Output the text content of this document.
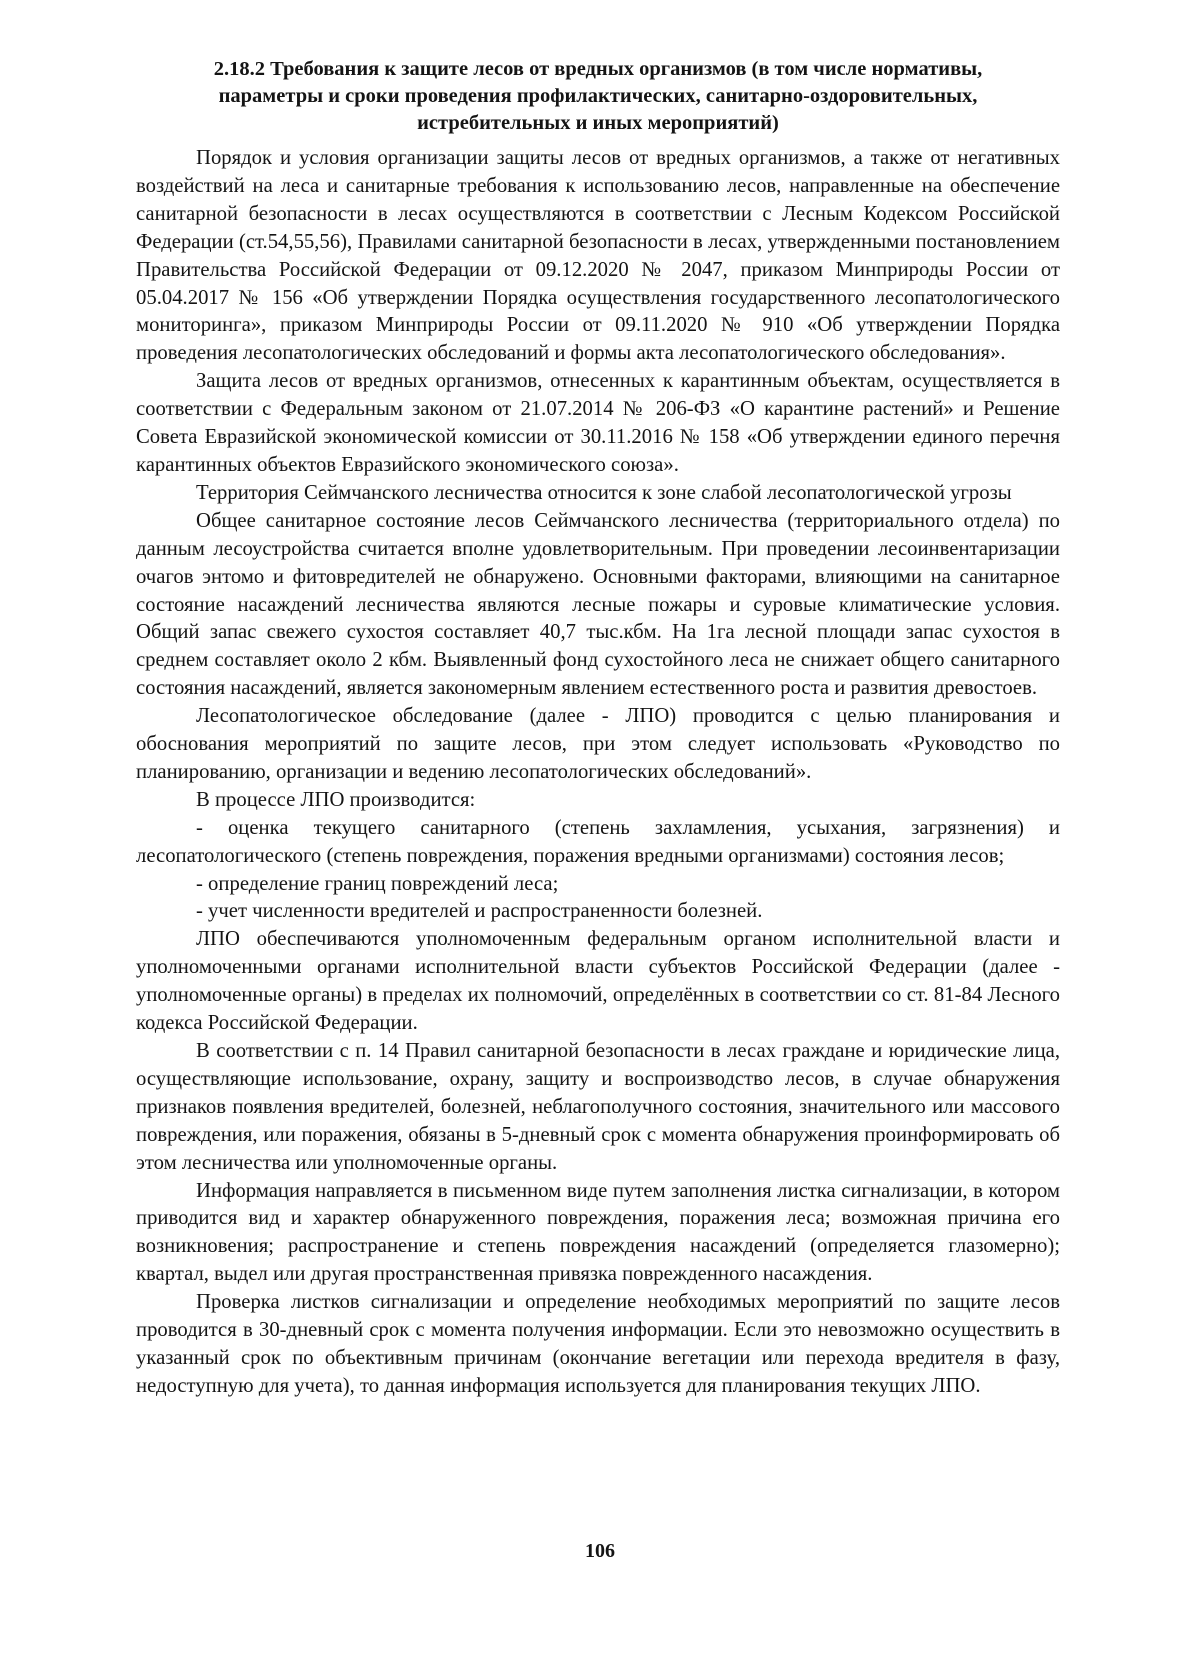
2.18.2 Требования к защите лесов от вредных организмов (в том числе нормативы,
параметры и сроки проведения профилактических, санитарно-оздоровительных,
истребительных и иных мероприятий)

Порядок и условия организации защиты лесов от вредных организмов, а также от негативных воздействий на леса и санитарные требования к использованию лесов, направленные на обеспечение санитарной безопасности в лесах осуществляются в соответствии с Лесным Кодексом Российской Федерации (ст.54,55,56), Правилами санитарной безопасности в лесах, утвержденными постановлением Правительства Российской Федерации от 09.12.2020 № 2047, приказом Минприроды России от 05.04.2017 № 156 «Об утверждении Порядка осуществления государственного лесопатологического мониторинга», приказом Минприроды России от 09.11.2020 № 910 «Об утверждении Порядка проведения лесопатологических обследований и формы акта лесопатологического обследования».

Защита лесов от вредных организмов, отнесенных к карантинным объектам, осуществляется в соответствии с Федеральным законом от 21.07.2014 № 206-ФЗ «О карантине растений» и Решение Совета Евразийской экономической комиссии от 30.11.2016 № 158 «Об утверждении единого перечня карантинных объектов Евразийского экономического союза».

Территория Сеймчанского лесничества относится к зоне слабой лесопатологической угрозы

Общее санитарное состояние лесов Сеймчанского лесничества (территориального отдела) по данным лесоустройства считается вполне удовлетворительным. При проведении лесоинвентаризации очагов энтомо и фитовредителей не обнаружено. Основными факторами, влияющими на санитарное состояние насаждений лесничества являются лесные пожары и суровые климатические условия. Общий запас свежего сухостоя составляет 40,7 тыс.кбм. На 1га лесной площади запас сухостоя в среднем составляет около 2 кбм. Выявленный фонд сухостойного леса не снижает общего санитарного состояния насаждений, является закономерным явлением естественного роста и развития древостоев.

Лесопатологическое обследование (далее - ЛПО) проводится с целью планирования и обоснования мероприятий по защите лесов, при этом следует использовать «Руководство по планированию, организации и ведению лесопатологических обследований».

В процессе ЛПО производится:

- оценка текущего санитарного (степень захламления, усыхания, загрязнения) и лесопатологического (степень повреждения, поражения вредными организмами) состояния лесов;

- определение границ повреждений леса;

- учет численности вредителей и распространенности болезней.

ЛПО обеспечиваются уполномоченным федеральным органом исполнительной власти и уполномоченными органами исполнительной власти субъектов Российской Федерации (далее - уполномоченные органы) в пределах их полномочий, определённых в соответствии со ст. 81-84 Лесного кодекса Российской Федерации.

В соответствии с п. 14 Правил санитарной безопасности в лесах граждане и юридические лица, осуществляющие использование, охрану, защиту и воспроизводство лесов, в случае обнаружения признаков появления вредителей, болезней, неблагополучного состояния, значительного или массового повреждения, или поражения, обязаны в 5-дневный срок с момента обнаружения проинформировать об этом лесничества или уполномоченные органы.

Информация направляется в письменном виде путем заполнения листка сигнализации, в котором приводится вид и характер обнаруженного повреждения, поражения леса; возможная причина его возникновения; распространение и степень повреждения насаждений (определяется глазомерно); квартал, выдел или другая пространственная привязка поврежденного насаждения.

Проверка листков сигнализации и определение необходимых мероприятий по защите лесов проводится в 30-дневный срок с момента получения информации. Если это невозможно осуществить в указанный срок по объективным причинам (окончание вегетации или перехода вредителя в фазу, недоступную для учета), то данная информация используется для планирования текущих ЛПО.

106
